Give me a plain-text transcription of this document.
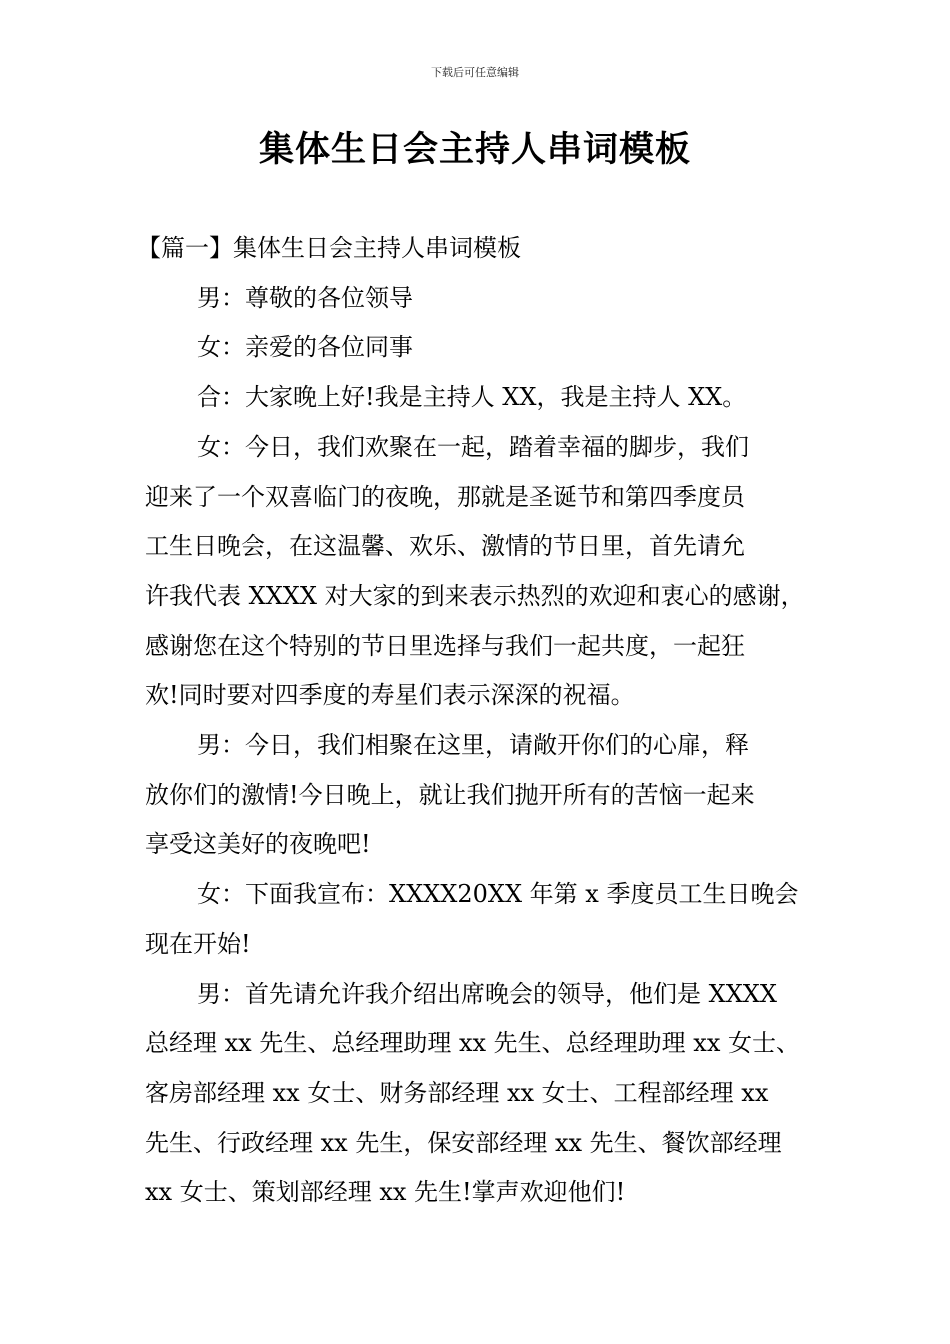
下载后可任意编辑
集体生日会主持人串词模板

【篇一】集体生日会主持人串词模板

男：尊敬的各位领导

女：亲爱的各位同事

合：大家晚上好!我是主持人 XX，我是主持人 XX。

女：今日，我们欢聚在一起，踏着幸福的脚步，我们
迎来了一个双喜临门的夜晚，那就是圣诞节和第四季度员
工生日晚会，在这温馨、欢乐、激情的节日里，首先请允
许我代表 XXXX 对大家的到来表示热烈的欢迎和衷心的感谢，
感谢您在这个特别的节日里选择与我们一起共度，一起狂
欢!同时要对四季度的寿星们表示深深的祝福。

男：今日，我们相聚在这里，请敞开你们的心扉，释
放你们的激情!今日晚上，就让我们抛开所有的苦恼一起来
享受这美好的夜晚吧!

女：下面我宣布：XXXX20XX 年第 x 季度员工生日晚会
现在开始!

男：首先请允许我介绍出席晚会的领导，他们是 XXXX
总经理 xx 先生、总经理助理 xx 先生、总经理助理 xx 女士、
客房部经理 xx 女士、财务部经理 xx 女士、工程部经理 xx
先生、行政经理 xx 先生，保安部经理 xx 先生、餐饮部经理
xx 女士、策划部经理 xx 先生!掌声欢迎他们!
